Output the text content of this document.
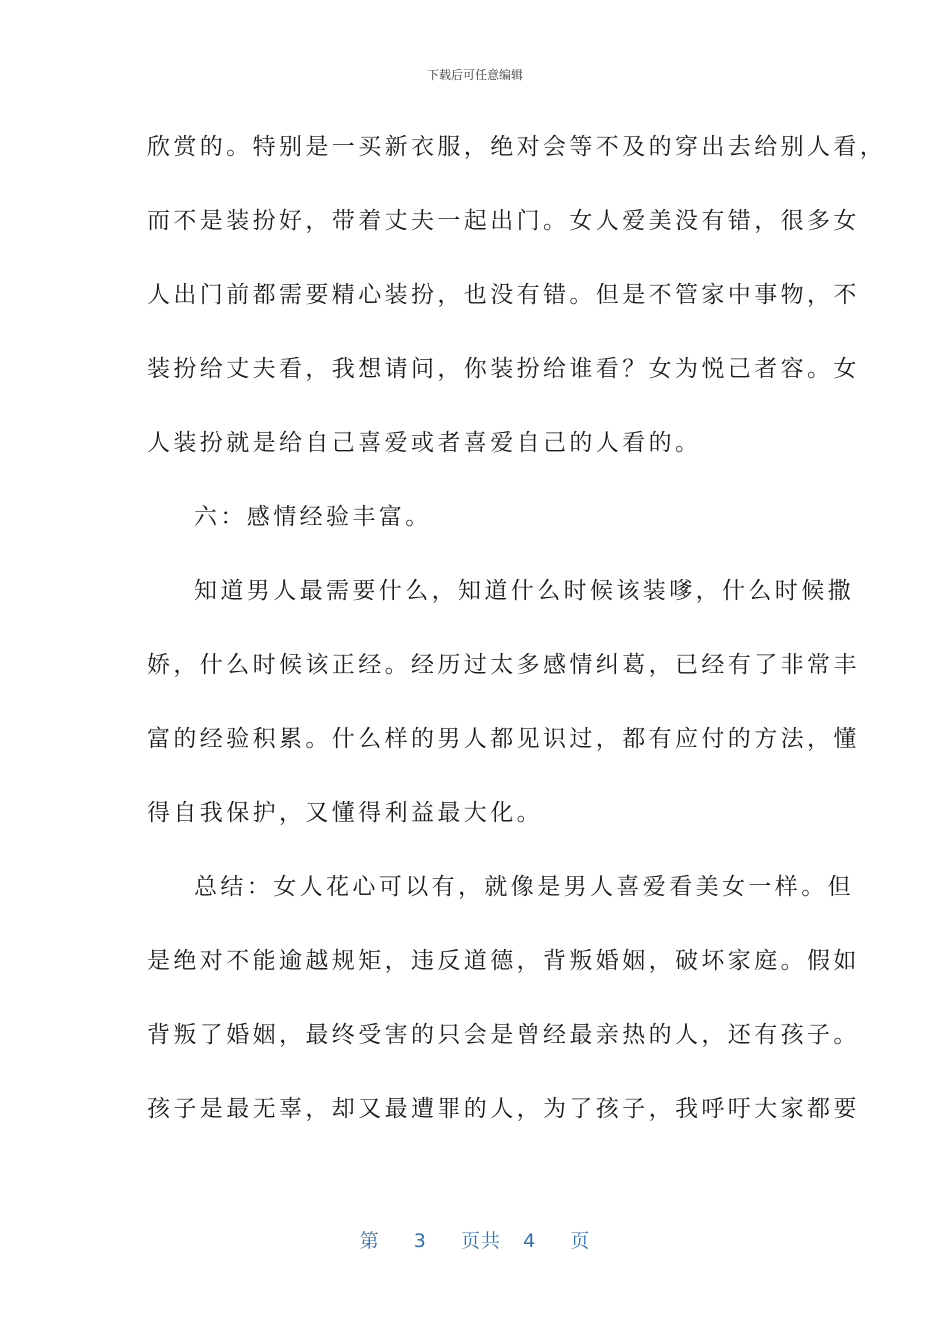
下载后可任意编辑
欣赏的。特别是一买新衣服，绝对会等不及的穿出去给别人看，
而不是装扮好，带着丈夫一起出门。女人爱美没有错，很多女
人出门前都需要精心装扮，也没有错。但是不管家中事物，不
装扮给丈夫看，我想请问，你装扮给谁看？女为悦己者容。女
人装扮就是给自己喜爱或者喜爱自己的人看的。
六：感情经验丰富。
知道男人最需要什么，知道什么时候该装嗲，什么时候撒
娇，什么时候该正经。经历过太多感情纠葛，已经有了非常丰
富的经验积累。什么样的男人都见识过，都有应付的方法，懂
得自我保护，又懂得利益最大化。
总结：女人花心可以有，就像是男人喜爱看美女一样。但
是绝对不能逾越规矩，违反道德，背叛婚姻，破坏家庭。假如
背叛了婚姻，最终受害的只会是曾经最亲热的人，还有孩子。
孩子是最无辜，却又最遭罪的人，为了孩子，我呼吁大家都要
第 3 页共 4 页
